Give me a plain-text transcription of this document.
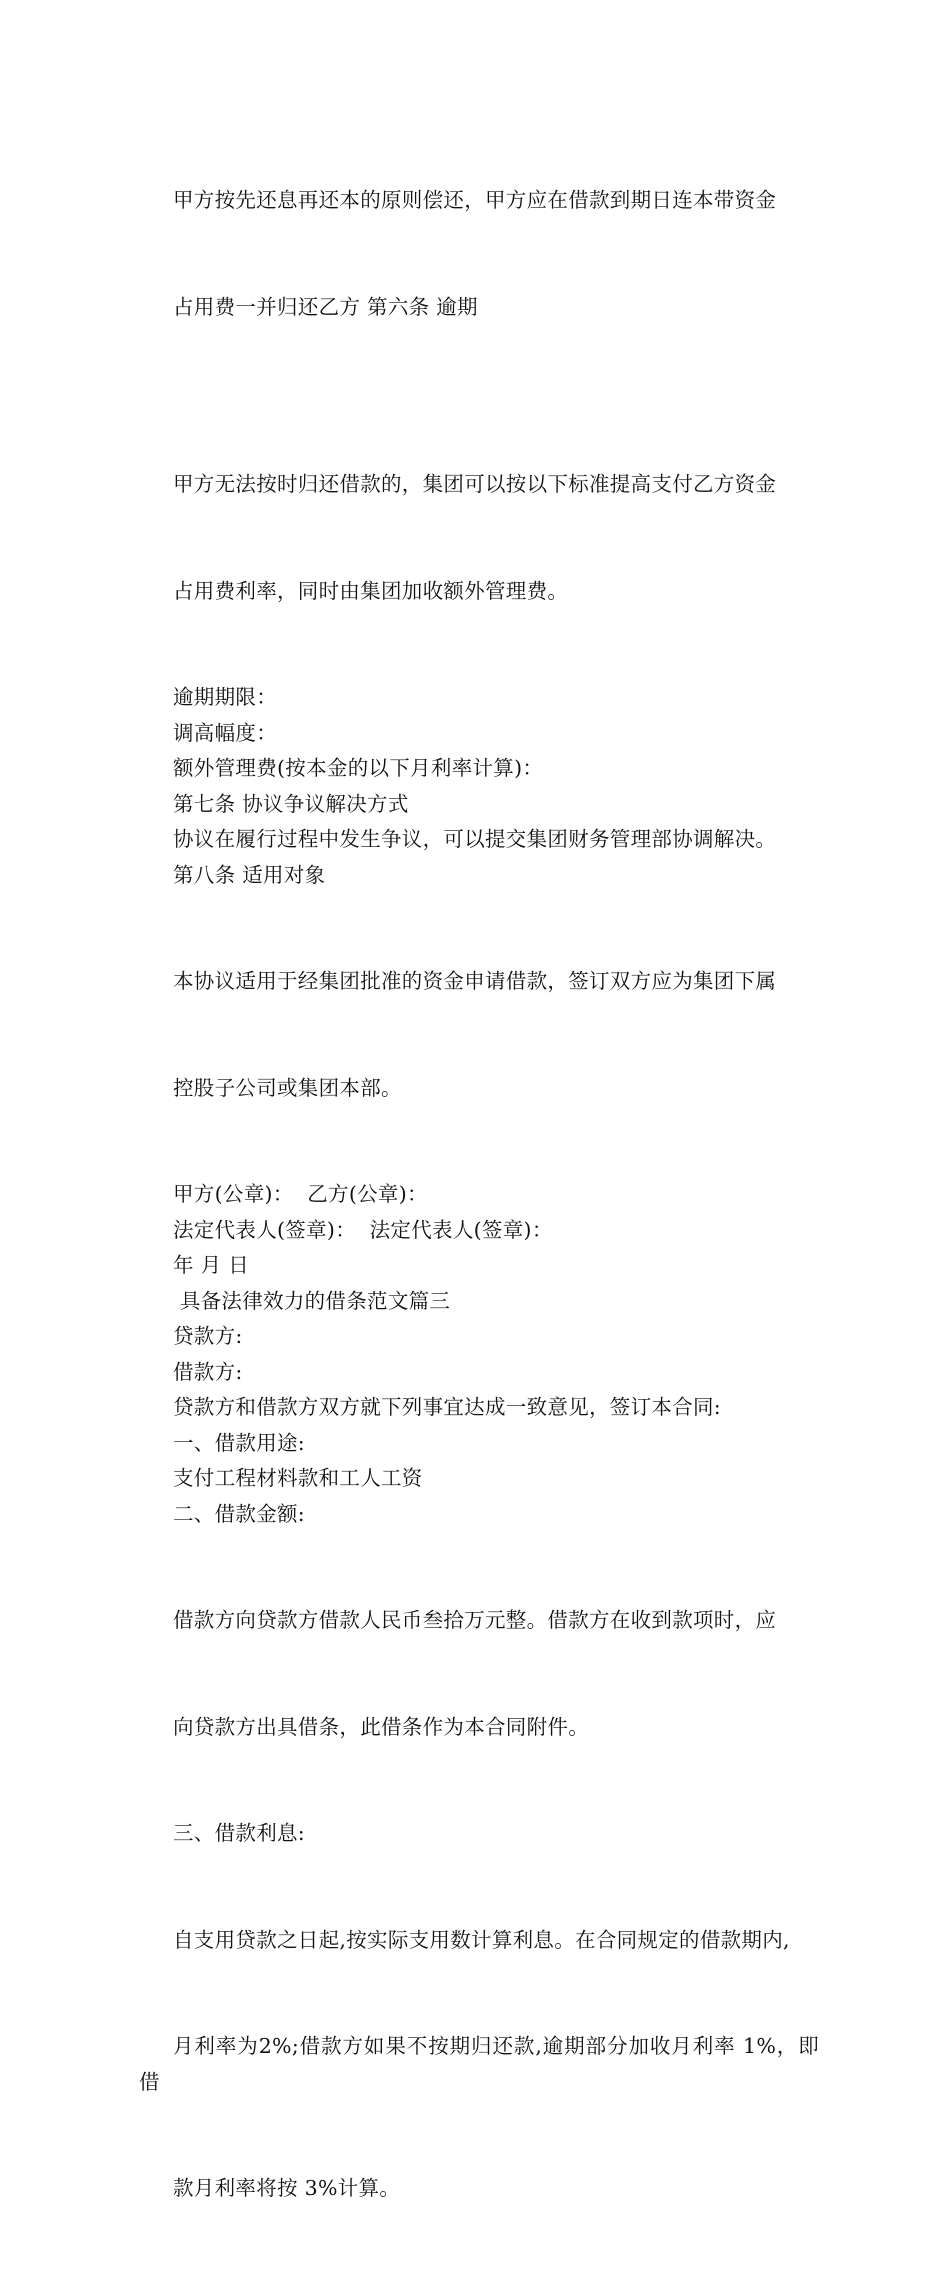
甲方按先还息再还本的原则偿还，甲方应在借款到期日连本带资金

占用费一并归还乙方 第六条 逾期

甲方无法按时归还借款的，集团可以按以下标准提高支付乙方资金

占用费利率，同时由集团加收额外管理费。

逾期期限：

调高幅度：

额外管理费(按本金的以下月利率计算)：

第七条 协议争议解决方式

协议在履行过程中发生争议，可以提交集团财务管理部协调解决。

第八条 适用对象

本协议适用于经集团批准的资金申请借款，签订双方应为集团下属

控股子公司或集团本部。

甲方(公章)：  乙方(公章)：

法定代表人(签章)：  法定代表人(签章)：

年 月 日

具备法律效力的借条范文篇三

贷款方:

借款方:

贷款方和借款方双方就下列事宜达成一致意见，签订本合同:

一、借款用途:

支付工程材料款和工人工资

二、借款金额:

借款方向贷款方借款人民币叁拾万元整。借款方在收到款项时，应

向贷款方出具借条，此借条作为本合同附件。

三、借款利息:

自支用贷款之日起,按实际支用数计算利息。在合同规定的借款期内,

月利率为2%;借款方如果不按期归还款,逾期部分加收月利率 1%，即借

款月利率将按 3%计算。
